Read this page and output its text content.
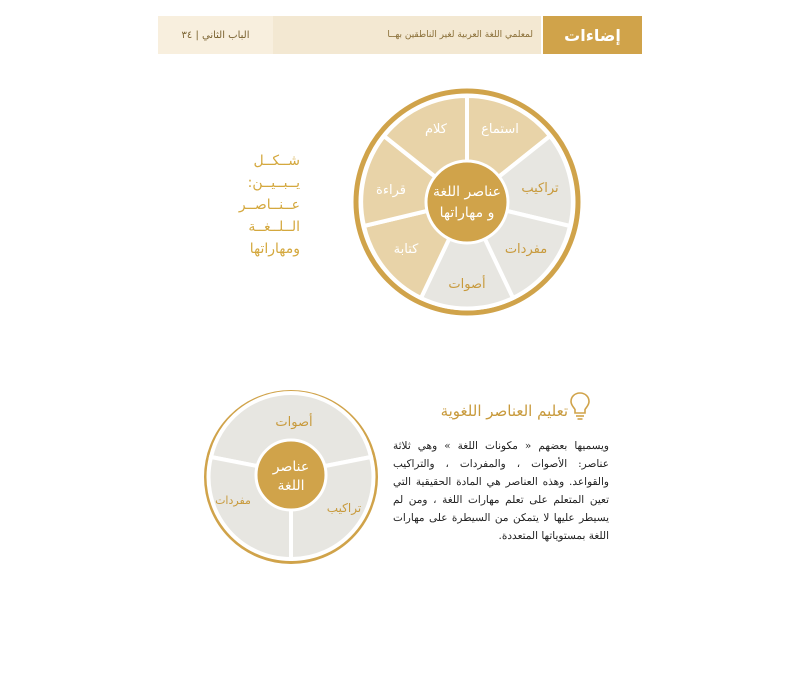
الباب الثاني | ٣٤	لمعلمي اللغة العربية لغير الناطقين بهــا إضاءات
عناصر اللغة
و مهاراتها
استماع
تراكيب
مفردات
أصوات
كتابة
قراءة
كلام
شــكــل
يــبــيــن:
عــنــاصــر
الــلــغــة
ومهاراتها
عناصر
اللغة
أصوات
تراكيب
مفردات
تعليم العناصر اللغوية
ويسميها بعضهم « مكونات اللغة » وهي ثلاثة عناصر: الأصوات ، والمفردات ، والتراكيب والقواعد. وهذه العناصر هي المادة الحقيقية التي تعين المتعلم على تعلم مهارات اللغة ، ومن لم يسيطر عليها لا يتمكن من السيطرة على مهارات اللغة بمستوياتها المتعددة.
